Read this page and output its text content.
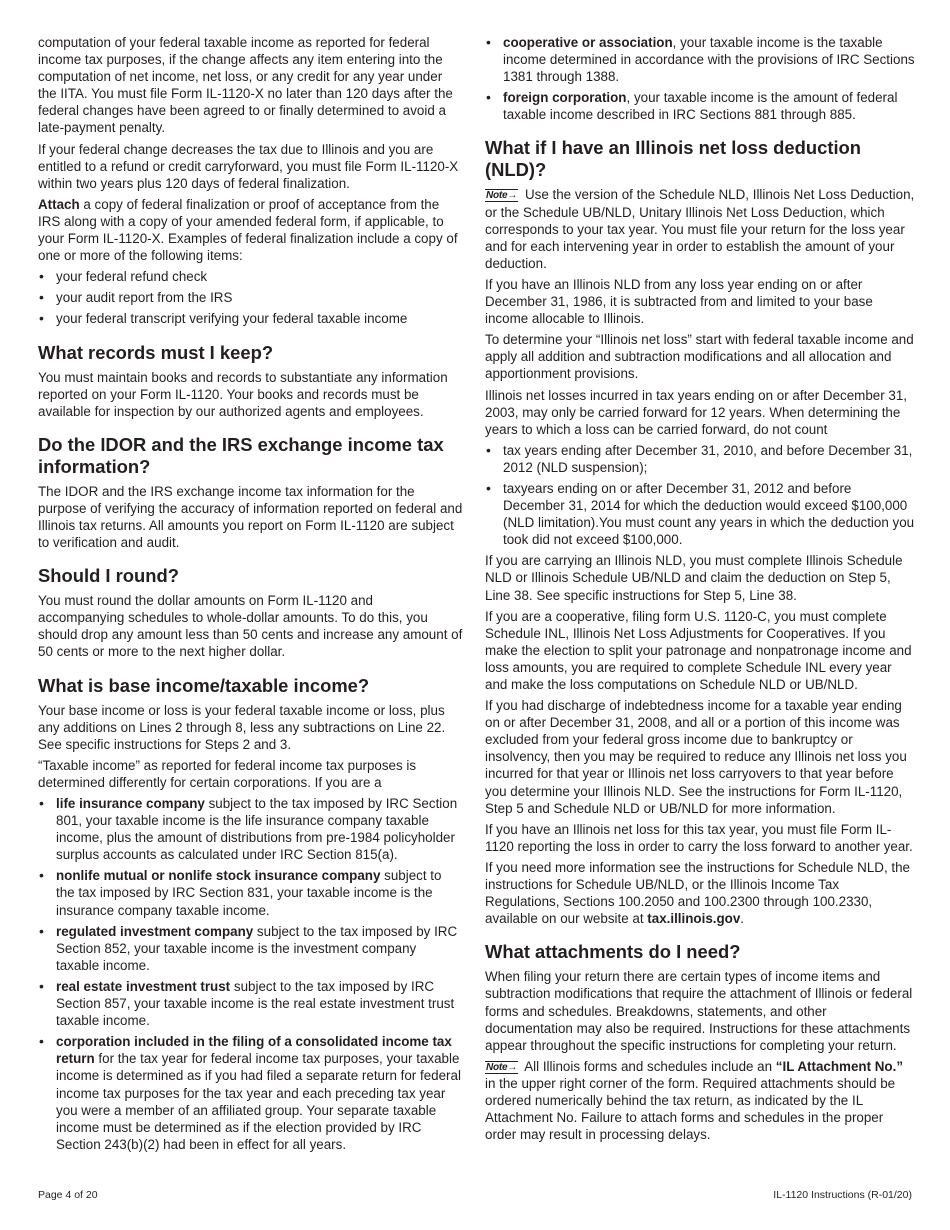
computation of your federal taxable income as reported for federal income tax purposes, if the change affects any item entering into the computation of net income, net loss, or any credit for any year under the IITA. You must file Form IL-1120-X no later than 120 days after the federal changes have been agreed to or finally determined to avoid a late-payment penalty.

If your federal change decreases the tax due to Illinois and you are entitled to a refund or credit carryforward, you must file Form IL-1120-X within two years plus 120 days of federal finalization.

Attach a copy of federal finalization or proof of acceptance from the IRS along with a copy of your amended federal form, if applicable, to your Form IL-1120-X. Examples of federal finalization include a copy of one or more of the following items:

• your federal refund check
• your audit report from the IRS
• your federal transcript verifying your federal taxable income
What records must I keep?

You must maintain books and records to substantiate any information reported on your Form IL-1120. Your books and records must be available for inspection by our authorized agents and employees.

Do the IDOR and the IRS exchange income tax information?

The IDOR and the IRS exchange income tax information for the purpose of verifying the accuracy of information reported on federal and Illinois tax returns. All amounts you report on Form IL-1120 are subject to verification and audit.

Should I round?

You must round the dollar amounts on Form IL-1120 and accompanying schedules to whole-dollar amounts. To do this, you should drop any amount less than 50 cents and increase any amount of 50 cents or more to the next higher dollar.

What is base income/taxable income?

Your base income or loss is your federal taxable income or loss, plus any additions on Lines 2 through 8, less any subtractions on Line 22. See specific instructions for Steps 2 and 3.

“Taxable income” as reported for federal income tax purposes is determined differently for certain corporations. If you are a

• life insurance company subject to the tax imposed by IRC Section 801, your taxable income is the life insurance company taxable income, plus the amount of distributions from pre-1984 policyholder surplus accounts as calculated under IRC Section 815(a).
• nonlife mutual or nonlife stock insurance company subject to the tax imposed by IRC Section 831, your taxable income is the insurance company taxable income.
• regulated investment company subject to the tax imposed by IRC Section 852, your taxable income is the investment company taxable income.
• real estate investment trust subject to the tax imposed by IRC Section 857, your taxable income is the real estate investment trust taxable income.
• corporation included in the filing of a consolidated income tax return for the tax year for federal income tax purposes, your taxable income is determined as if you had filed a separate return for federal income tax purposes for the tax year and each preceding tax year you were a member of an affiliated group. Your separate taxable income must be determined as if the election provided by IRC Section 243(b)(2) had been in effect for all years.
• cooperative or association, your taxable income is the taxable income determined in accordance with the provisions of IRC Sections 1381 through 1388.
• foreign corporation, your taxable income is the amount of federal taxable income described in IRC Sections 881 through 885.
What if I have an Illinois net loss deduction (NLD)?

Note→ Use the version of the Schedule NLD, Illinois Net Loss Deduction, or the Schedule UB/NLD, Unitary Illinois Net Loss Deduction, which corresponds to your tax year. You must file your return for the loss year and for each intervening year in order to establish the amount of your deduction.

If you have an Illinois NLD from any loss year ending on or after December 31, 1986, it is subtracted from and limited to your base income allocable to Illinois.

To determine your “Illinois net loss” start with federal taxable income and apply all addition and subtraction modifications and all allocation and apportionment provisions.

Illinois net losses incurred in tax years ending on or after December 31, 2003, may only be carried forward for 12 years. When determining the years to which a loss can be carried forward, do not count

• tax years ending after December 31, 2010, and before December 31, 2012 (NLD suspension);
• taxyears ending on or after December 31, 2012 and before December 31, 2014 for which the deduction would exceed $100,000 (NLD limitation).You must count any years in which the deduction you took did not exceed $100,000.

If you are carrying an Illinois NLD, you must complete Illinois Schedule NLD or Illinois Schedule UB/NLD and claim the deduction on Step 5, Line 38. See specific instructions for Step 5, Line 38.

If you are a cooperative, filing form U.S. 1120-C, you must complete Schedule INL, Illinois Net Loss Adjustments for Cooperatives. If you make the election to split your patronage and nonpatronage income and loss amounts, you are required to complete Schedule INL every year and make the loss computations on Schedule NLD or UB/NLD.

If you had discharge of indebtedness income for a taxable year ending on or after December 31, 2008, and all or a portion of this income was excluded from your federal gross income due to bankruptcy or insolvency, then you may be required to reduce any Illinois net loss you incurred for that year or Illinois net loss carryovers to that year before you determine your Illinois NLD. See the instructions for Form IL-1120, Step 5 and Schedule NLD or UB/NLD for more information.

If you have an Illinois net loss for this tax year, you must file Form IL-1120 reporting the loss in order to carry the loss forward to another year.

If you need more information see the instructions for Schedule NLD, the instructions for Schedule UB/NLD, or the Illinois Income Tax Regulations, Sections 100.2050 and 100.2300 through 100.2330, available on our website at tax.illinois.gov.

What attachments do I need?

When filing your return there are certain types of income items and subtraction modifications that require the attachment of Illinois or federal forms and schedules. Breakdowns, statements, and other documentation may also be required. Instructions for these attachments appear throughout the specific instructions for completing your return.

Note→ All Illinois forms and schedules include an “IL Attachment No.” in the upper right corner of the form. Required attachments should be ordered numerically behind the tax return, as indicated by the IL Attachment No. Failure to attach forms and schedules in the proper order may result in processing delays.

Page 4 of 20	IL-1120 Instructions (R-01/20)
